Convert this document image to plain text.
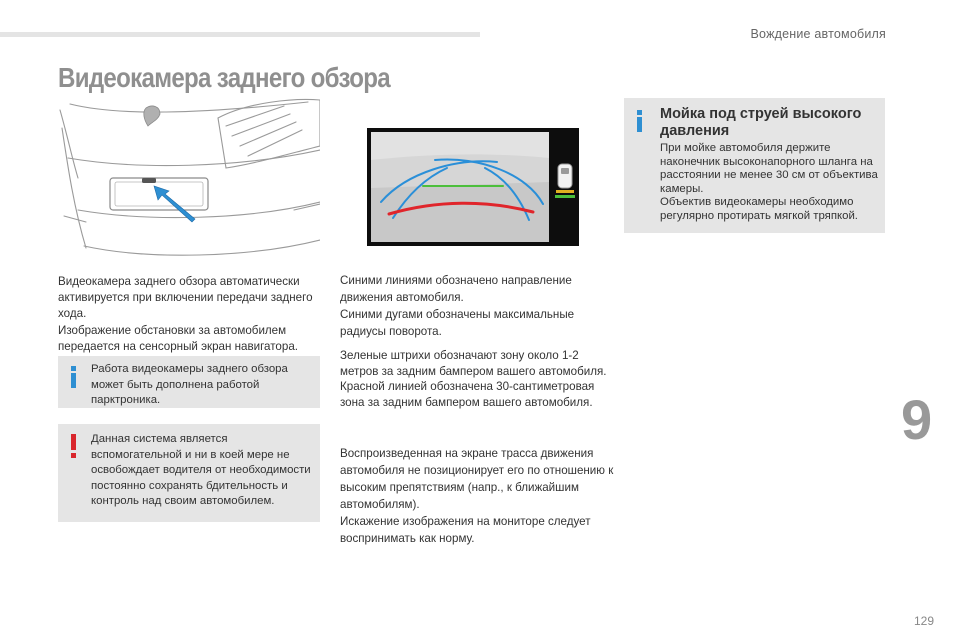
Вождение автомобиля
Видеокамера заднего обзора
Видеокамера заднего обзора автоматически активируется при включении передачи заднего хода.
Изображение обстановки за автомобилем передается на сенсорный экран навигатора.
Работа видеокамеры заднего обзора может быть дополнена работой парктроника.
Данная система является вспомогательной и ни в коей мере не освобождает водителя от необходимости постоянно сохранять бдительность и контроль над своим автомобилем.
Синими линиями обозначено направление движения автомобиля.
Синими дугами обозначены максимальные радиусы поворота.
Зеленые штрихи обозначают зону около 1-2 метров за задним бампером вашего автомобиля.
Красной линией обозначена 30-сантиметровая зона за задним бампером вашего автомобиля.
Воспроизведенная на экране трасса движения автомобиля не позиционирует его по отношению к высоким препятствиям (напр., к ближайшим автомобилям).
Искажение изображения на мониторе следует воспринимать как норму.
Мойка под струей высокого давления
При мойке автомобиля держите наконечник высоконапорного шланга на расстоянии не менее 30 см от объектива камеры.
Объектив видеокамеры необходимо регулярно протирать мягкой тряпкой.
9
129
